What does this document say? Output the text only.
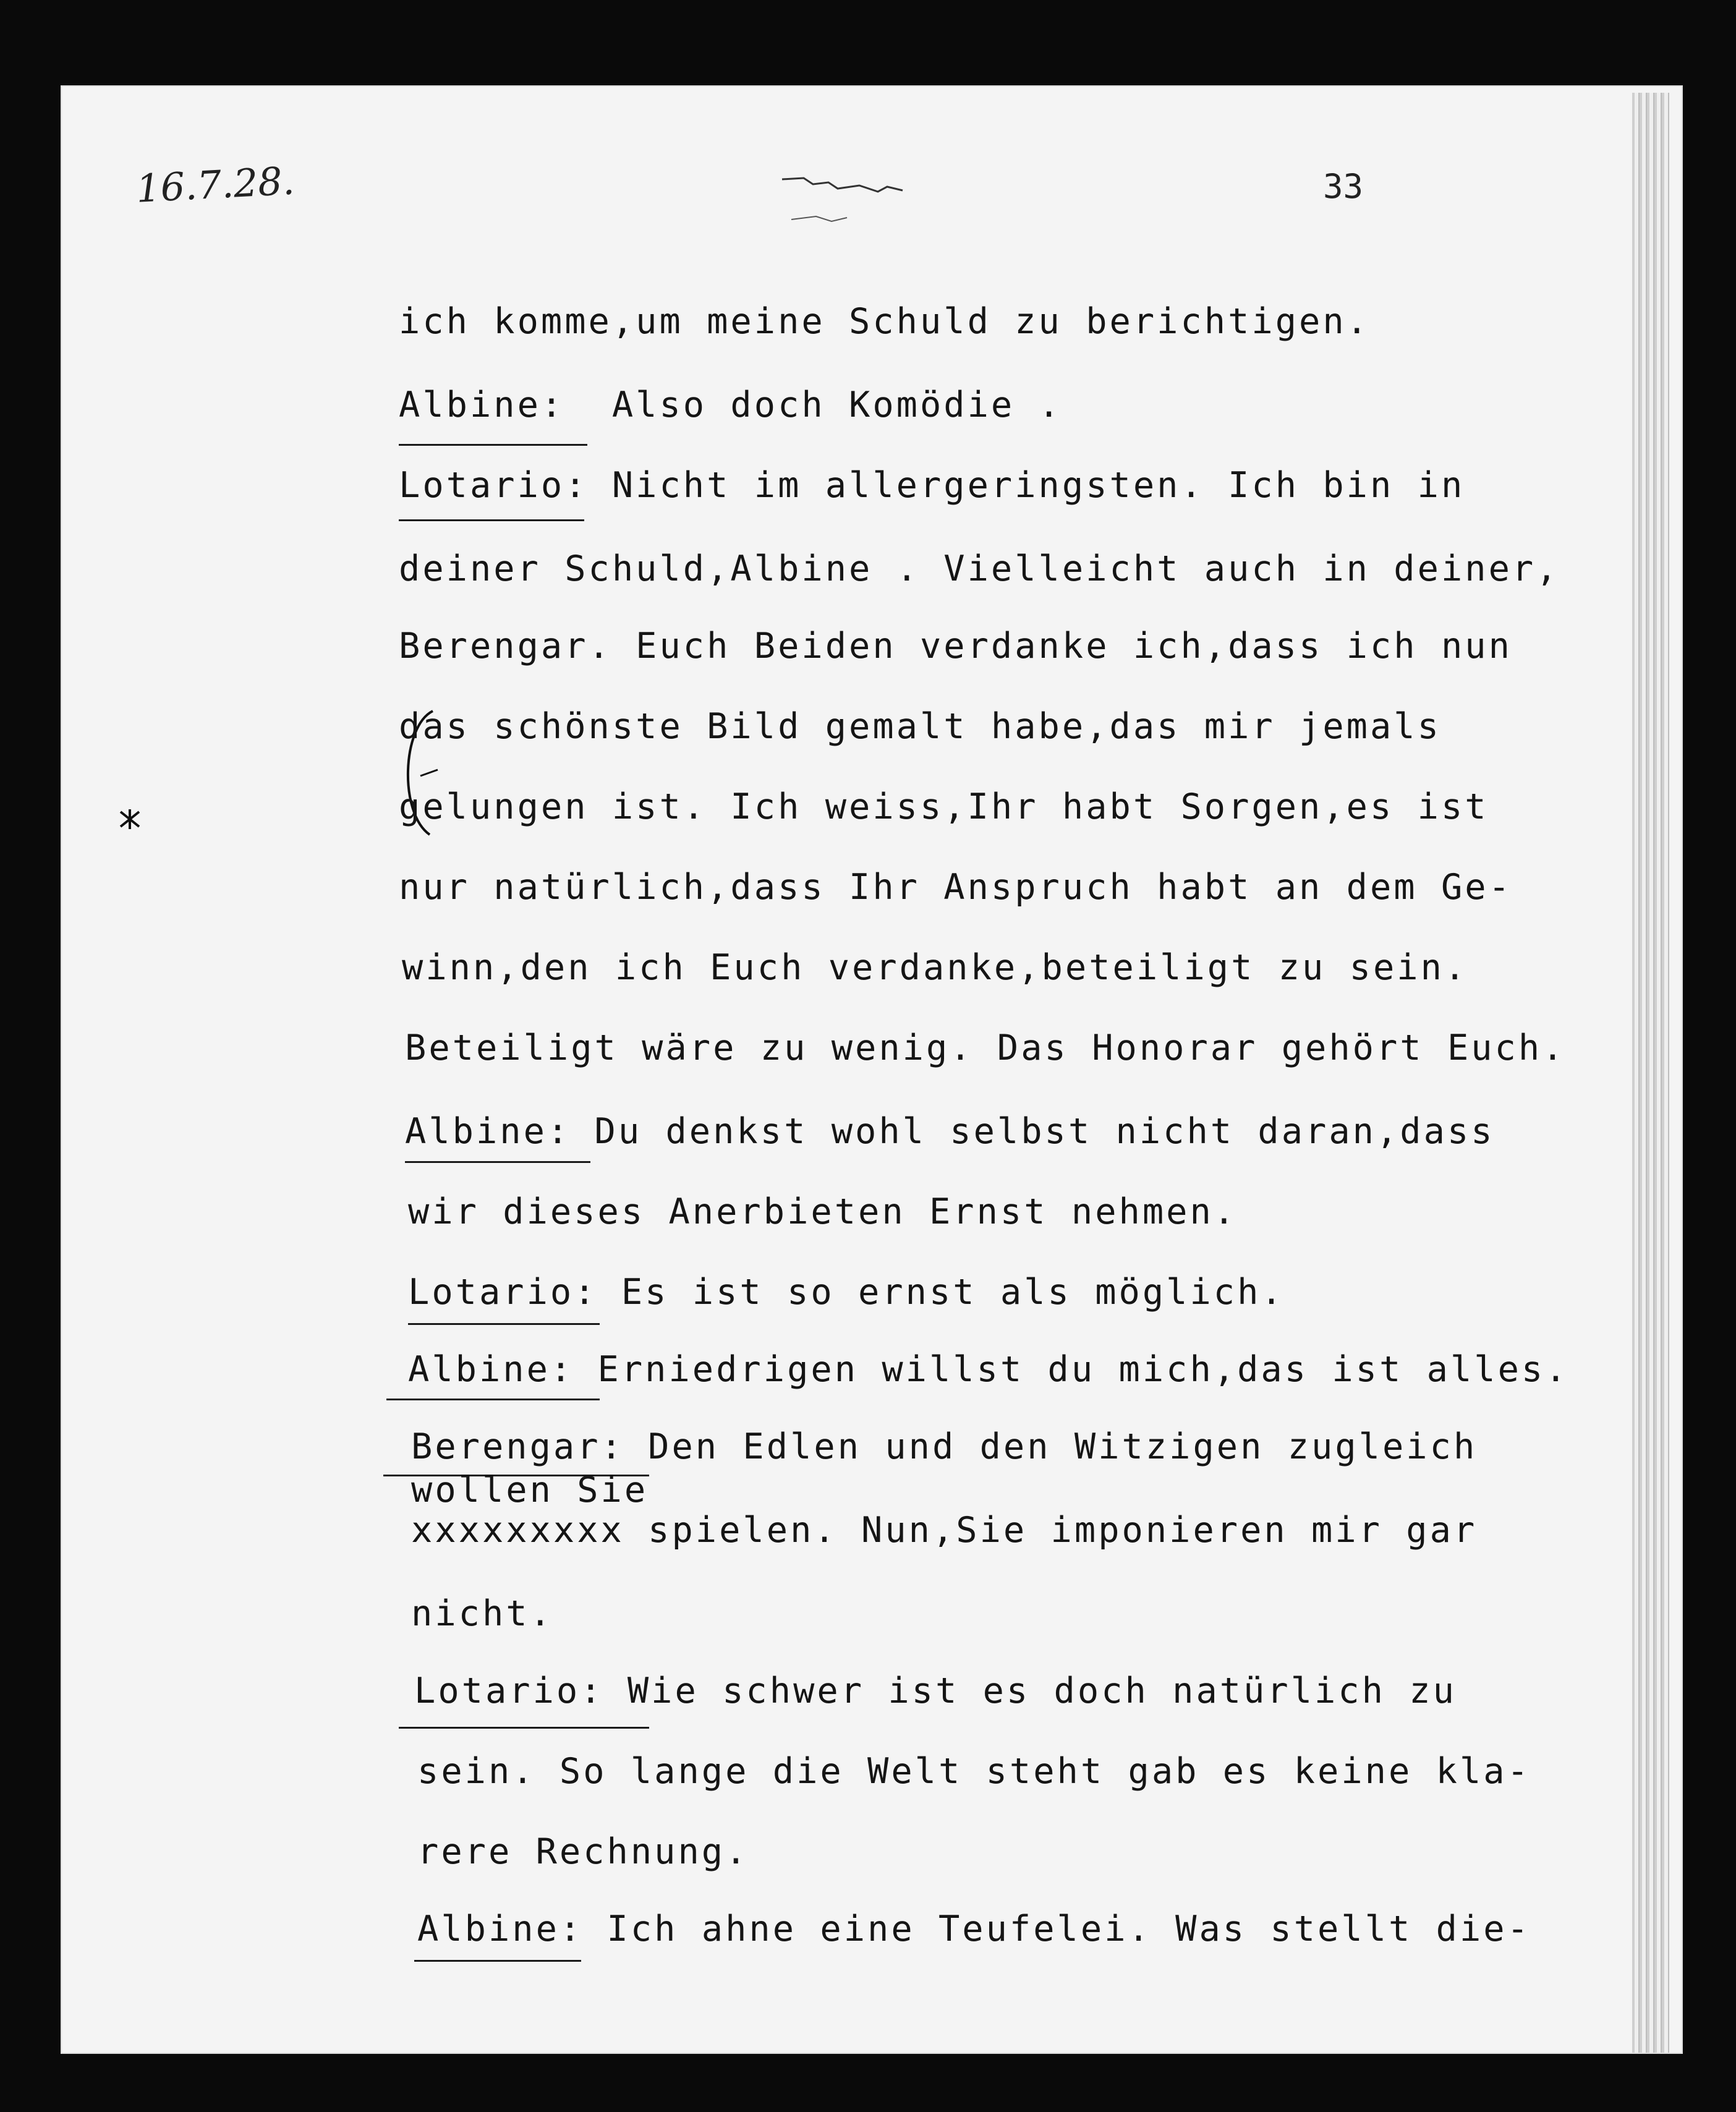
16.7.28.	33
ich komme,um meine Schuld zu berichtigen.
Albine:  Also doch Komödie .
Lotario: Nicht im allergeringsten. Ich bin in
deiner Schuld,Albine . Vielleicht auch in deiner,
Berengar. Euch Beiden verdanke ich,dass ich nun
das schönste Bild gemalt habe,das mir jemals
gelungen ist. Ich weiss,Ihr habt Sorgen,es ist
nur natürlich,dass Ihr Anspruch habt an dem Ge-
winn,den ich Euch verdanke,beteiligt zu sein.
Beteiligt wäre zu wenig. Das Honorar gehört Euch.
Albine: Du denkst wohl selbst nicht daran,dass
wir dieses Anerbieten Ernst nehmen.
Lotario: Es ist so ernst als möglich.
Albine: Erniedrigen willst du mich,das ist alles.
Berengar: Den Edlen und den Witzigen zugleich
wollen Sie
xxxxxxxxx spielen. Nun,Sie imponieren mir gar
nicht.
Lotario: Wie schwer ist es doch natürlich zu
sein. So lange die Welt steht gab es keine kla-
rere Rechnung.
Albine: Ich ahne eine Teufelei. Was stellt die-
